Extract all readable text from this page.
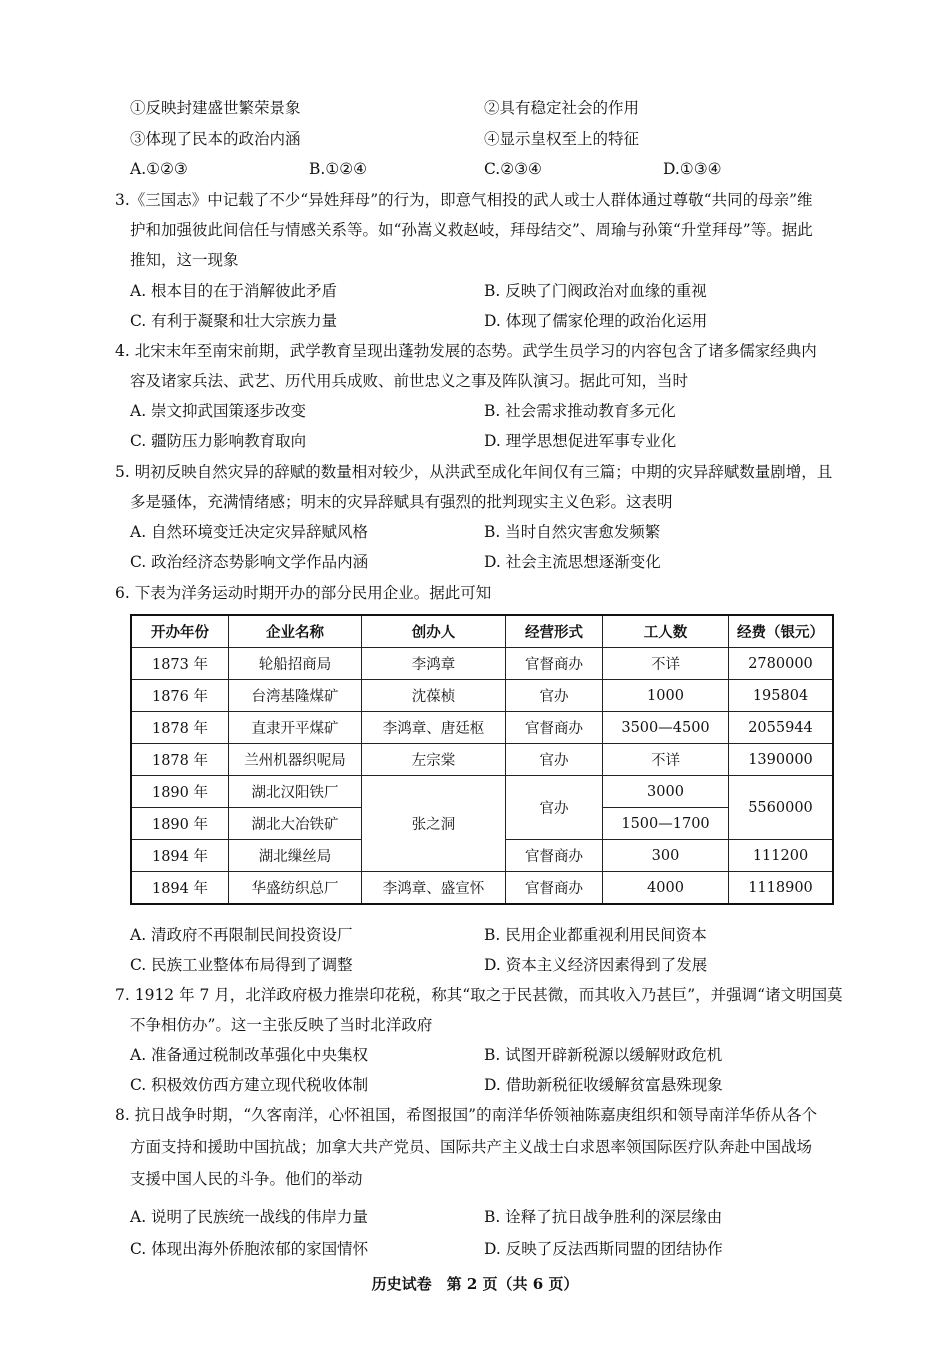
①反映封建盛世繁荣景象	②具有稳定社会的作用
③体现了民本的政治内涵	④显示皇权至上的特征
A.①②③	B.①②④	C.②③④	D.①③④
3.《三国志》中记载了不少“异姓拜母”的行为，即意气相投的武人或士人群体通过尊敬“共同的母亲”维
护和加强彼此间信任与情感关系等。如“孙嵩义救赵岐，拜母结交”、周瑜与孙策“升堂拜母”等。据此
推知，这一现象
A. 根本目的在于消解彼此矛盾	B. 反映了门阀政治对血缘的重视
C. 有利于凝聚和壮大宗族力量	D. 体现了儒家伦理的政治化运用
4. 北宋末年至南宋前期，武学教育呈现出蓬勃发展的态势。武学生员学习的内容包含了诸多儒家经典内
容及诸家兵法、武艺、历代用兵成败、前世忠义之事及阵队演习。据此可知，当时
A. 崇文抑武国策逐步改变	B. 社会需求推动教育多元化
C. 疆防压力影响教育取向	D. 理学思想促进军事专业化
5. 明初反映自然灾异的辞赋的数量相对较少，从洪武至成化年间仅有三篇；中期的灾异辞赋数量剧增，且
多是骚体，充满情绪感；明末的灾异辞赋具有强烈的批判现实主义色彩。这表明
A. 自然环境变迁决定灾异辞赋风格	B. 当时自然灾害愈发频繁
C. 政治经济态势影响文学作品内涵	D. 社会主流思想逐渐变化
6. 下表为洋务运动时期开办的部分民用企业。据此可知
开办年份	企业名称	创办人	经营形式	工人数	经费（银元）
1873 年	轮船招商局	李鸿章	官督商办	不详	2780000
1876 年	台湾基隆煤矿	沈葆桢	官办	1000	195804
1878 年	直隶开平煤矿	李鸿章、唐廷枢	官督商办	3500—4500	2055944
1878 年	兰州机器织呢局	左宗棠	官办	不详	1390000
1890 年	湖北汉阳铁厂	张之洞	官办	3000	5560000
1890 年	湖北大冶铁矿			1500—1700	
1894 年	湖北缫丝局		官督商办	300	111200
1894 年	华盛纺织总厂	李鸿章、盛宣怀	官督商办	4000	1118900
A. 清政府不再限制民间投资设厂	B. 民用企业都重视利用民间资本
C. 民族工业整体布局得到了调整	D. 资本主义经济因素得到了发展
7. 1912 年 7 月，北洋政府极力推崇印花税，称其“取之于民甚微，而其收入乃甚巨”，并强调“诸文明国莫
不争相仿办”。这一主张反映了当时北洋政府
A. 准备通过税制改革强化中央集权	B. 试图开辟新税源以缓解财政危机
C. 积极效仿西方建立现代税收体制	D. 借助新税征收缓解贫富悬殊现象
8. 抗日战争时期，“久客南洋，心怀祖国，希图报国”的南洋华侨领袖陈嘉庚组织和领导南洋华侨从各个
方面支持和援助中国抗战；加拿大共产党员、国际共产主义战士白求恩率领国际医疗队奔赴中国战场
支援中国人民的斗争。他们的举动
A. 说明了民族统一战线的伟岸力量	B. 诠释了抗日战争胜利的深层缘由
C. 体现出海外侨胞浓郁的家国情怀	D. 反映了反法西斯同盟的团结协作
历史试卷　第 2 页（共 6 页）
